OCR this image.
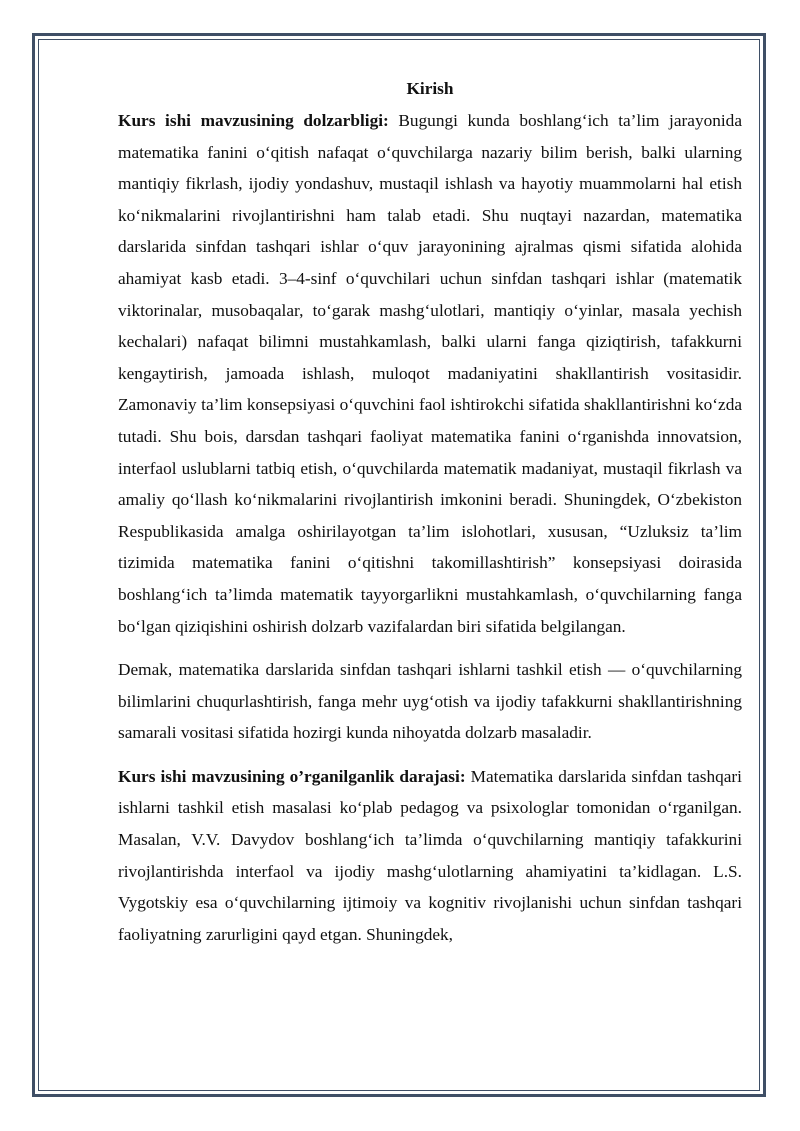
Kirish

Kurs ishi mavzusining dolzarbligi: Bugungi kunda boshlang‘ich ta’lim jarayonida matematika fanini o‘qitish nafaqat o‘quvchilarga nazariy bilim berish, balki ularning mantiqiy fikrlash, ijodiy yondashuv, mustaqil ishlash va hayotiy muammolarni hal etish ko‘nikmalarini rivojlantirishni ham talab etadi. Shu nuqtayi nazardan, matematika darslarida sinfdan tashqari ishlar o‘quv jarayonining ajralmas qismi sifatida alohida ahamiyat kasb etadi. 3–4-sinf o‘quvchilari uchun sinfdan tashqari ishlar (matematik viktorinalar, musobaqalar, to‘garak mashg‘ulotlari, mantiqiy o‘yinlar, masala yechish kechalari) nafaqat bilimni mustahkamlash, balki ularni fanga qiziqtirish, tafakkurni kengaytirish, jamoada ishlash, muloqot madaniyatini shakllantirish vositasidir. Zamonaviy ta’lim konsepsiyasi o‘quvchini faol ishtirokchi sifatida shakllantirishni ko‘zda tutadi. Shu bois, darsdan tashqari faoliyat matematika fanini o‘rganishda innovatsion, interfaol uslublarni tatbiq etish, o‘quvchilarda matematik madaniyat, mustaqil fikrlash va amaliy qo‘llash ko‘nikmalarini rivojlantirish imkonini beradi. Shuningdek, O‘zbekiston Respublikasida amalga oshirilayotgan ta’lim islohotlari, xususan, “Uzluksiz ta’lim tizimida matematika fanini o‘qitishni takomillashtirish” konsepsiyasi doirasida boshlang‘ich ta’limda matematik tayyorgarlikni mustahkamlash, o‘quvchilarning fanga bo‘lgan qiziqishini oshirish dolzarb vazifalardan biri sifatida belgilangan.

Demak, matematika darslarida sinfdan tashqari ishlarni tashkil etish — o‘quvchilarning bilimlarini chuqurlashtirish, fanga mehr uyg‘otish va ijodiy tafakkurni shakllantirishning samarali vositasi sifatida hozirgi kunda nihoyatda dolzarb masaladir.

Kurs ishi mavzusining o’rganilganlik darajasi: Matematika darslarida sinfdan tashqari ishlarni tashkil etish masalasi ko‘plab pedagog va psixologlar tomonidan o‘rganilgan. Masalan, V.V. Davydov boshlang‘ich ta’limda o‘quvchilarning mantiqiy tafakkurini rivojlantirishda interfaol va ijodiy mashg‘ulotlarning ahamiyatini ta’kidlagan. L.S. Vygotskiy esa o‘quvchilarning ijtimoiy va kognitiv rivojlanishi uchun sinfdan tashqari faoliyatning zarurligini qayd etgan. Shuningdek,
